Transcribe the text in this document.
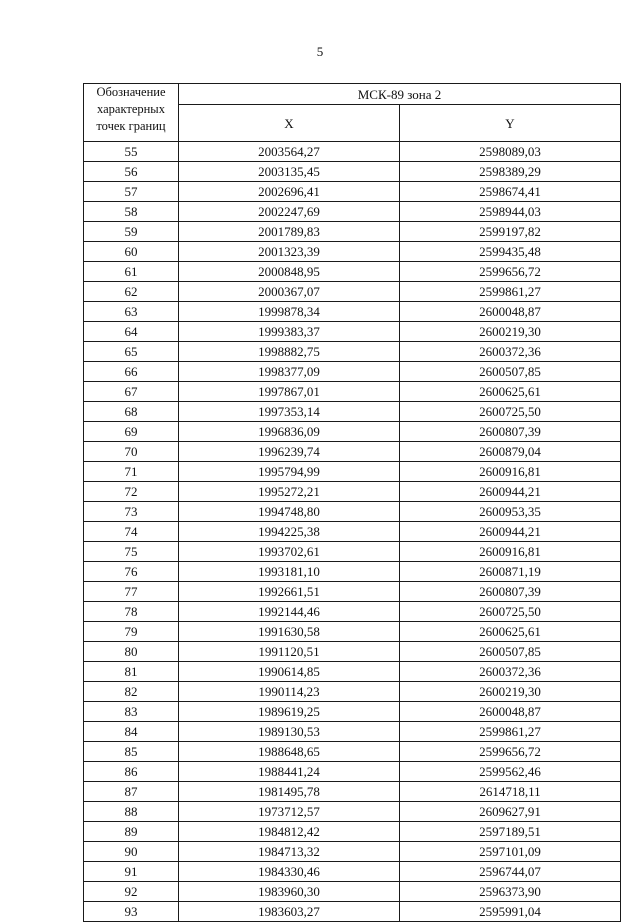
5
Обозначение характерных точек границ	МСК-89 зона 2	
	X	Y
55	2003564,27	2598089,03
56	2003135,45	2598389,29
57	2002696,41	2598674,41
58	2002247,69	2598944,03
59	2001789,83	2599197,82
60	2001323,39	2599435,48
61	2000848,95	2599656,72
62	2000367,07	2599861,27
63	1999878,34	2600048,87
64	1999383,37	2600219,30
65	1998882,75	2600372,36
66	1998377,09	2600507,85
67	1997867,01	2600625,61
68	1997353,14	2600725,50
69	1996836,09	2600807,39
70	1996239,74	2600879,04
71	1995794,99	2600916,81
72	1995272,21	2600944,21
73	1994748,80	2600953,35
74	1994225,38	2600944,21
75	1993702,61	2600916,81
76	1993181,10	2600871,19
77	1992661,51	2600807,39
78	1992144,46	2600725,50
79	1991630,58	2600625,61
80	1991120,51	2600507,85
81	1990614,85	2600372,36
82	1990114,23	2600219,30
83	1989619,25	2600048,87
84	1989130,53	2599861,27
85	1988648,65	2599656,72
86	1988441,24	2599562,46
87	1981495,78	2614718,11
88	1973712,57	2609627,91
89	1984812,42	2597189,51
90	1984713,32	2597101,09
91	1984330,46	2596744,07
92	1983960,30	2596373,90
93	1983603,27	2595991,04
